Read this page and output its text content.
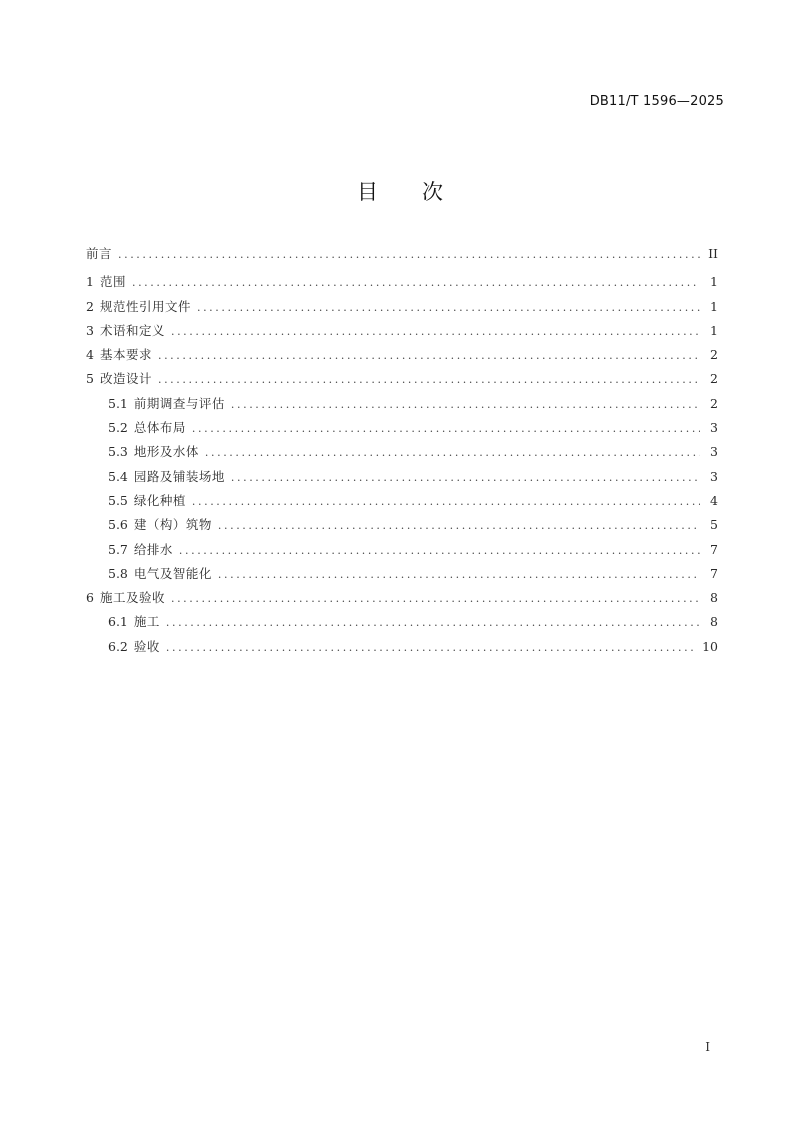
DB11/T 1596—2025
目 次
前言 .....	II
1 范围 .....	1
2 规范性引用文件 .....	1
3 术语和定义 .....	1
4 基本要求 .....	2
5 改造设计 .....	2
5.1 前期调查与评估 .....	2
5.2 总体布局 .....	3
5.3 地形及水体 .....	3
5.4 园路及铺装场地 .....	3
5.5 绿化种植 .....	4
5.6 建（构）筑物 .....	5
5.7 给排水 .....	7
5.8 电气及智能化 .....	7
6 施工及验收 .....	8
6.1 施工 .....	8
6.2 验收 .....	10
I
